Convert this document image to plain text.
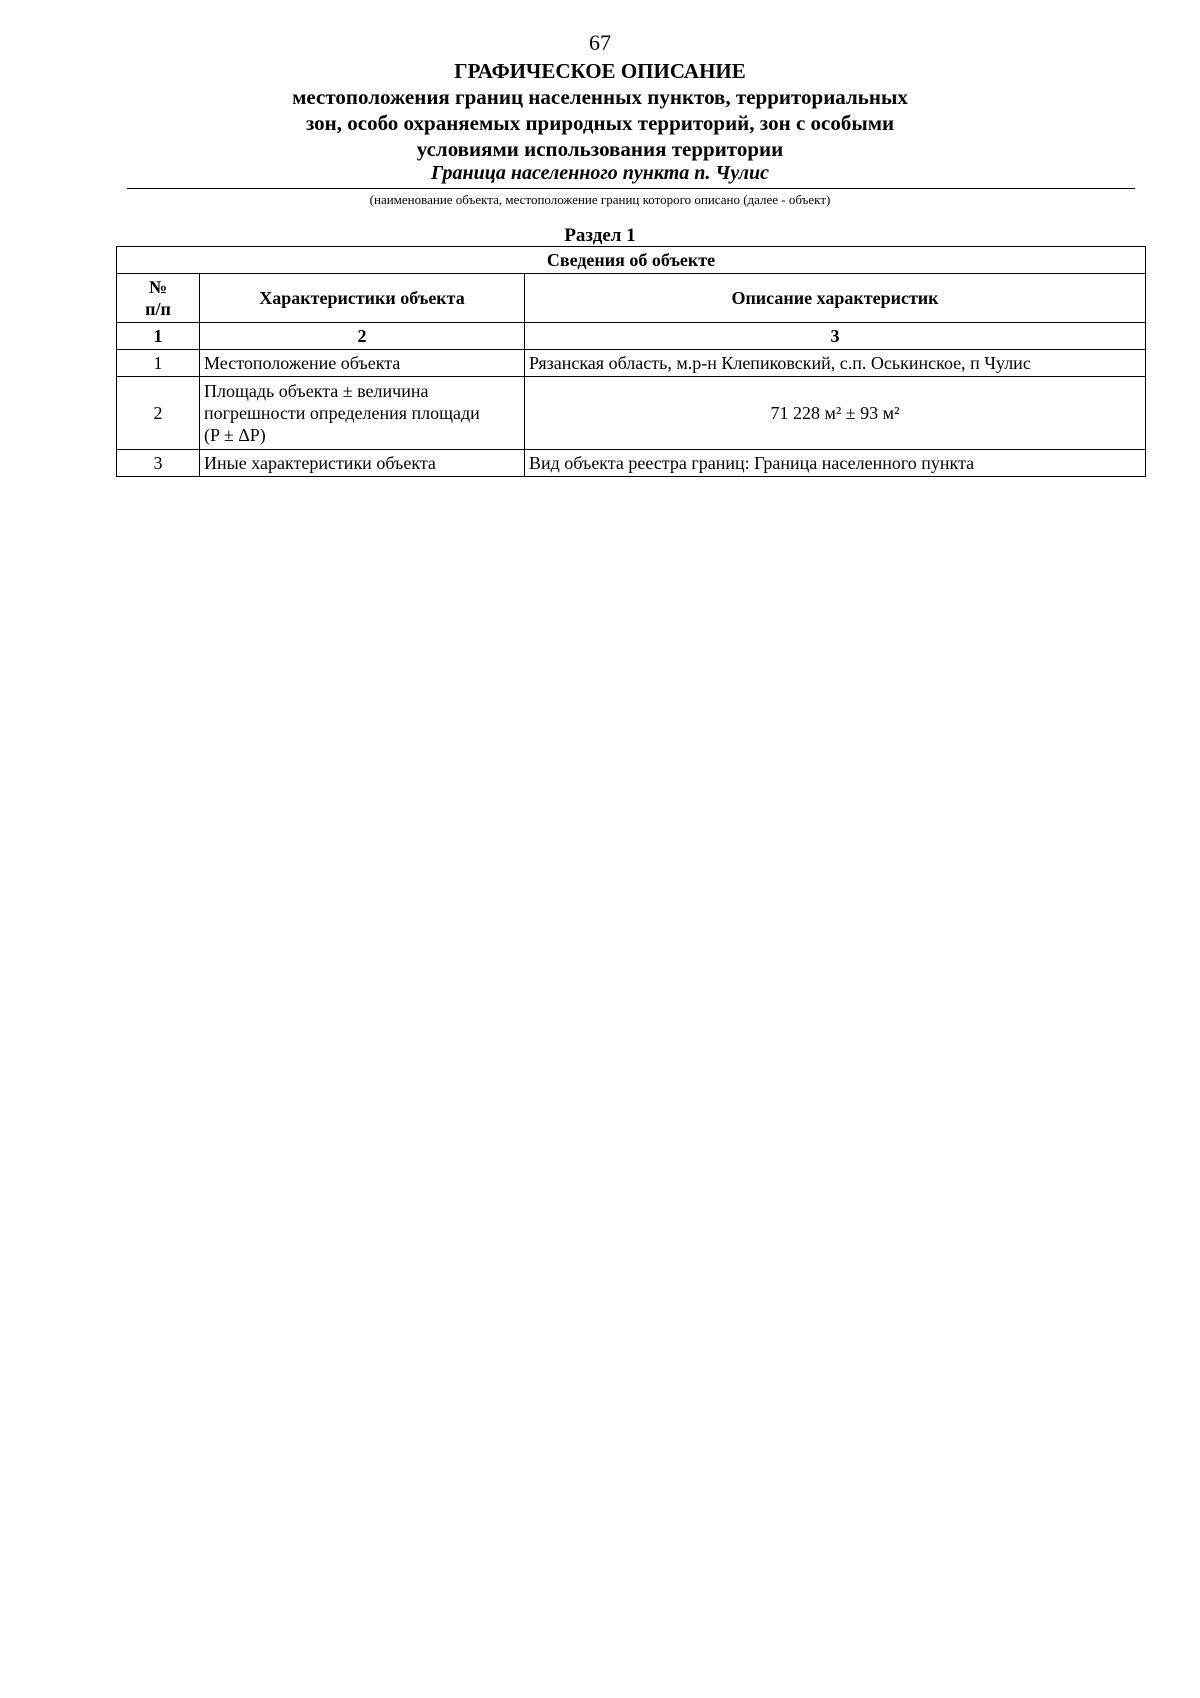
67
ГРАФИЧЕСКОЕ ОПИСАНИЕ
местоположения границ населенных пунктов, территориальных
зон, особо охраняемых природных территорий, зон с особыми
условиями использования территории
Граница населенного пункта п. Чулис
(наименование объекта, местоположение границ которого описано (далее - объект)
Раздел 1
Сведения об объекте		

№
п/п	Характеристики объекта	Описание характеристик
1	2	3
1	Местоположение объекта	Рязанская область, м.р-н Клепиковский, с.п. Оськинское, п Чулис
2	Площадь объекта ± величина
погрешности определения площади
(P ± ΔP)	71 228 м² ± 93 м²
3	Иные характеристики объекта	Вид объекта реестра границ: Граница населенного пункта
